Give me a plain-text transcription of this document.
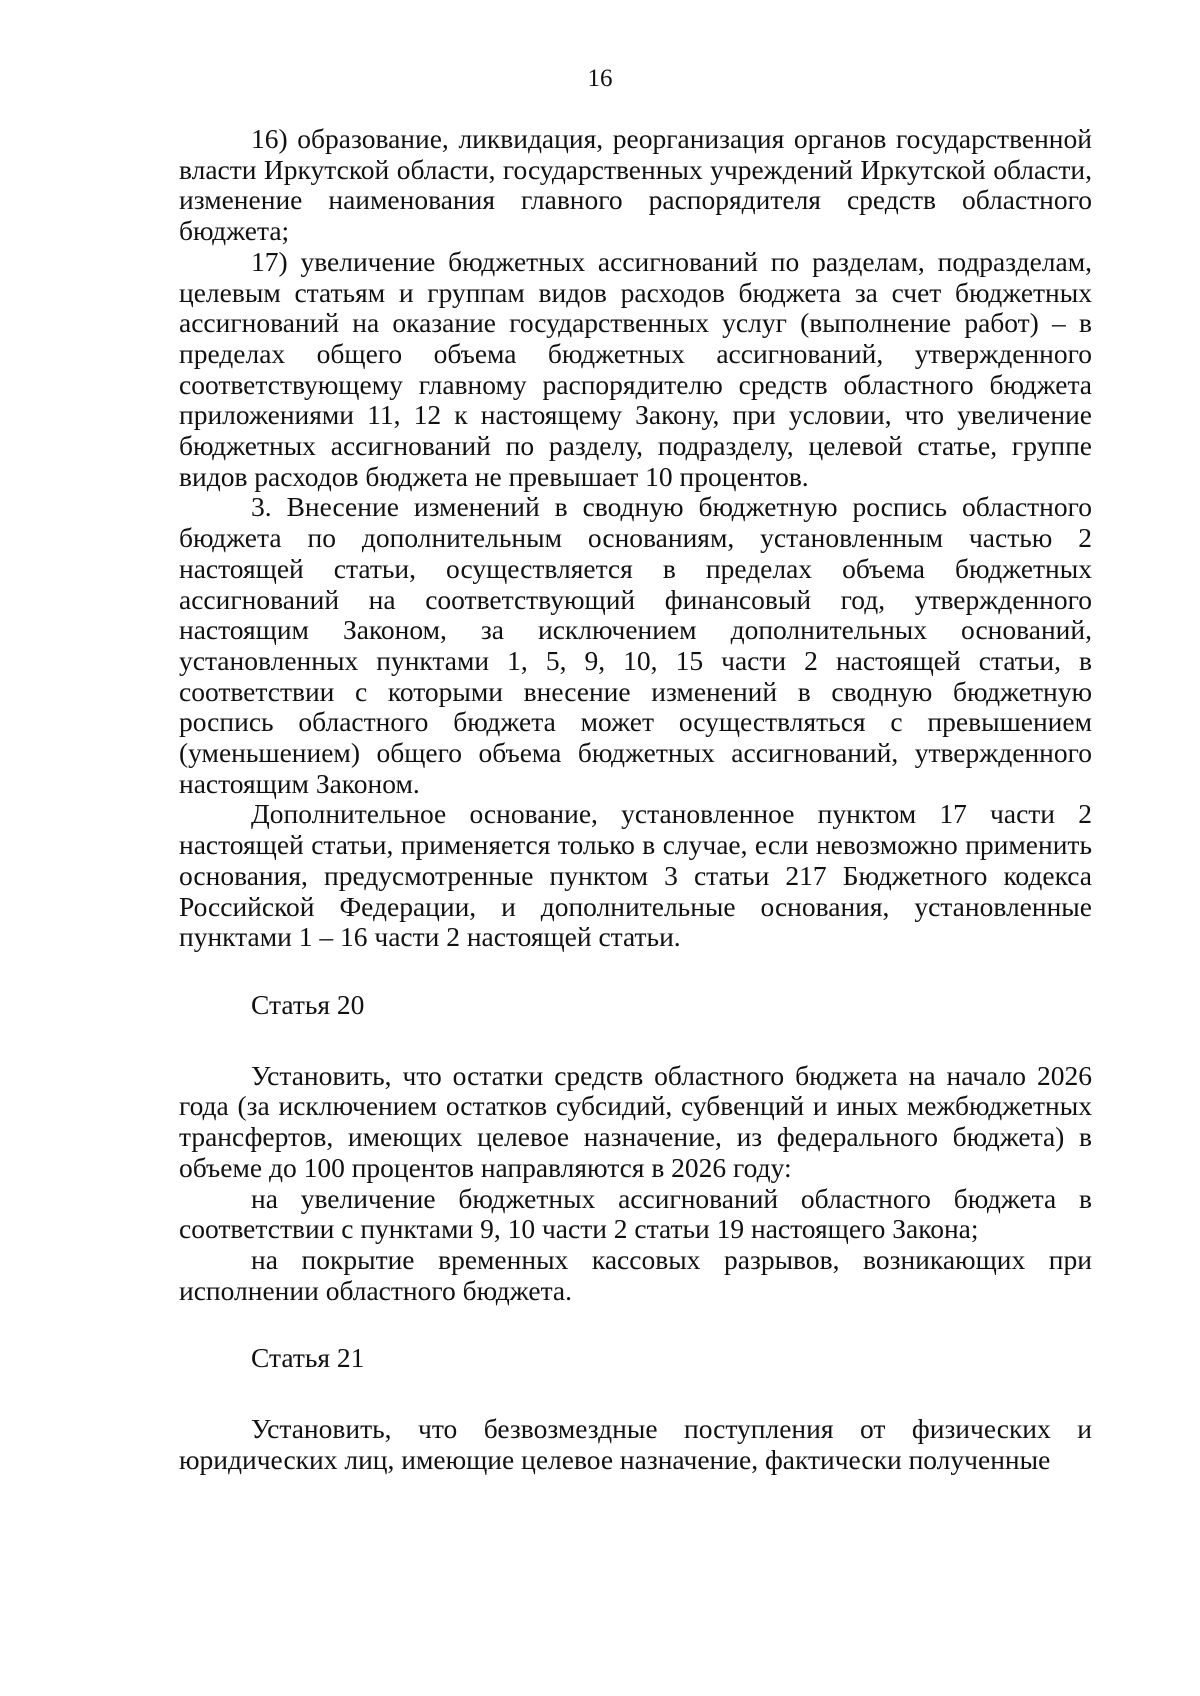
16

16) образование, ликвидация, реорганизация органов государственной власти Иркутской области, государственных учреждений Иркутской области, изменение наименования главного распорядителя средств областного бюджета;

17) увеличение бюджетных ассигнований по разделам, подразделам, целевым статьям и группам видов расходов бюджета за счет бюджетных ассигнований на оказание государственных услуг (выполнение работ) – в пределах общего объема бюджетных ассигнований, утвержденного соответствующему главному распорядителю средств областного бюджета приложениями 11, 12 к настоящему Закону, при условии, что увеличение бюджетных ассигнований по разделу, подразделу, целевой статье, группе видов расходов бюджета не превышает 10 процентов.

3. Внесение изменений в сводную бюджетную роспись областного бюджета по дополнительным основаниям, установленным частью 2 настоящей статьи, осуществляется в пределах объема бюджетных ассигнований на соответствующий финансовый год, утвержденного настоящим Законом, за исключением дополнительных оснований, установленных пунктами 1, 5, 9, 10, 15 части 2 настоящей статьи, в соответствии с которыми внесение изменений в сводную бюджетную роспись областного бюджета может осуществляться с превышением (уменьшением) общего объема бюджетных ассигнований, утвержденного настоящим Законом.

Дополнительное основание, установленное пунктом 17 части 2 настоящей статьи, применяется только в случае, если невозможно применить основания, предусмотренные пунктом 3 статьи 217 Бюджетного кодекса Российской Федерации, и дополнительные основания, установленные пунктами 1 – 16 части 2 настоящей статьи.

Статья 20

Установить, что остатки средств областного бюджета на начало 2026 года (за исключением остатков субсидий, субвенций и иных межбюджетных трансфертов, имеющих целевое назначение, из федерального бюджета) в объеме до 100 процентов направляются в 2026 году:

на увеличение бюджетных ассигнований областного бюджета в соответствии с пунктами 9, 10 части 2 статьи 19 настоящего Закона;

на покрытие временных кассовых разрывов, возникающих при исполнении областного бюджета.

Статья 21

Установить, что безвозмездные поступления от физических и юридических лиц, имеющие целевое назначение, фактически полученные
